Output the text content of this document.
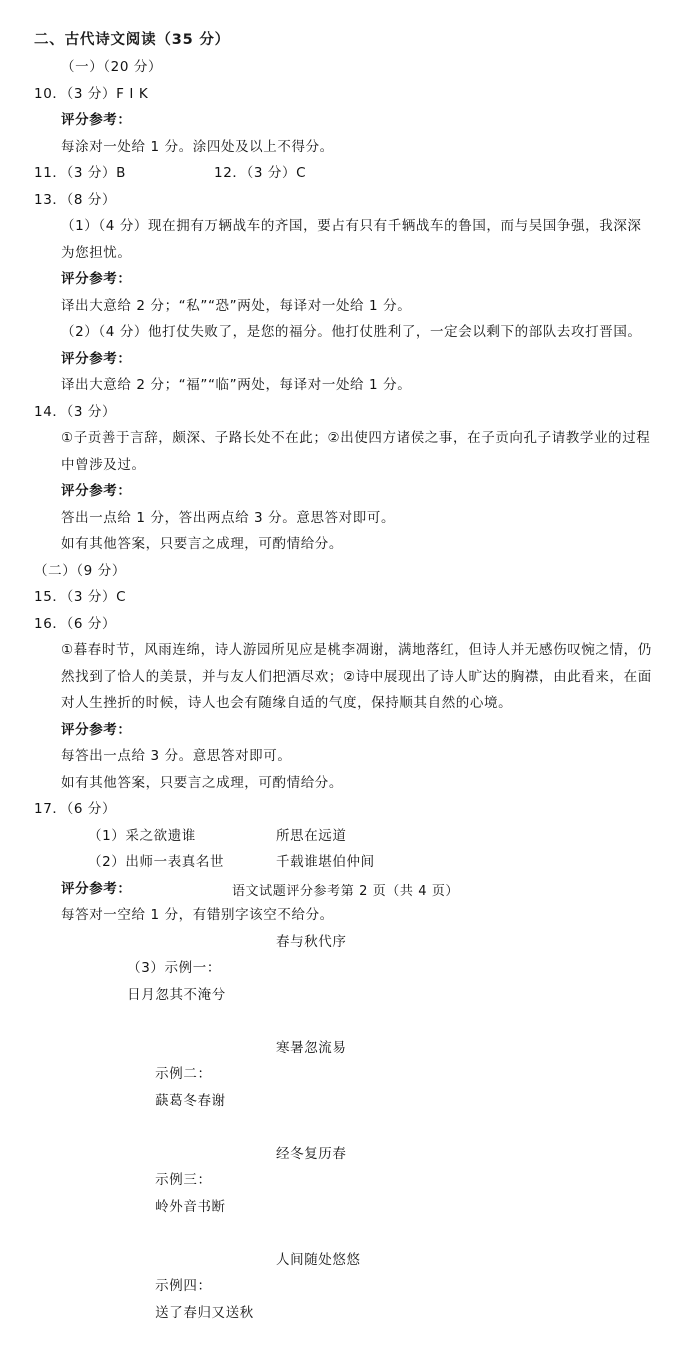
二、古代诗文阅读（35 分）
（一）（20 分）
10．（3 分）F I K
评分参考：
每涂对一处给 1 分。涂四处及以上不得分。
11．（3 分）B	12．（3 分）C
13．（8 分）
（1）（4 分）现在拥有万辆战车的齐国，要占有只有千辆战车的鲁国，而与吴国争强，我深深为您担忧。
评分参考：
译出大意给 2 分；“私”“恐”两处，每译对一处给 1 分。
（2）（4 分）他打仗失败了，是您的福分。他打仗胜利了，一定会以剩下的部队去攻打晋国。
评分参考：
译出大意给 2 分；“福”“临”两处，每译对一处给 1 分。
14．（3 分）
①子贡善于言辞，颇深、子路长处不在此；②出使四方诸侯之事，在子贡向孔子请教学业的过程中曾涉及过。
评分参考：
答出一点给 1 分，答出两点给 3 分。意思答对即可。
如有其他答案，只要言之成理，可酌情给分。
（二）（9 分）
15．（3 分）C
16．（6 分）
①暮春时节，风雨连绵，诗人游园所见应是桃李凋谢，满地落红，但诗人并无感伤叹惋之情，仍然找到了恰人的美景，并与友人们把酒尽欢；②诗中展现出了诗人旷达的胸襟，由此看来，在面对人生挫折的时候，诗人也会有随缘自适的气度，保持顺其自然的心境。
评分参考：
每答出一点给 3 分。意思答对即可。
如有其他答案，只要言之成理，可酌情给分。
17．（6 分）
（1）采之欲遗谁	所思在远道
（2）出师一表真名世	千载谁堪伯仲间
评分参考：
每答对一空给 1 分，有错别字该空不给分。

（3）示例一：
日月忽其不淹兮

春与秋代序

示例二：
蒛葛冬春谢

寒暑忽流易

示例三：
岭外音书断

经冬复历春

示例四：
送了春归又送秋

人间随处悠悠
语文试题评分参考第 2 页（共 4 页）
